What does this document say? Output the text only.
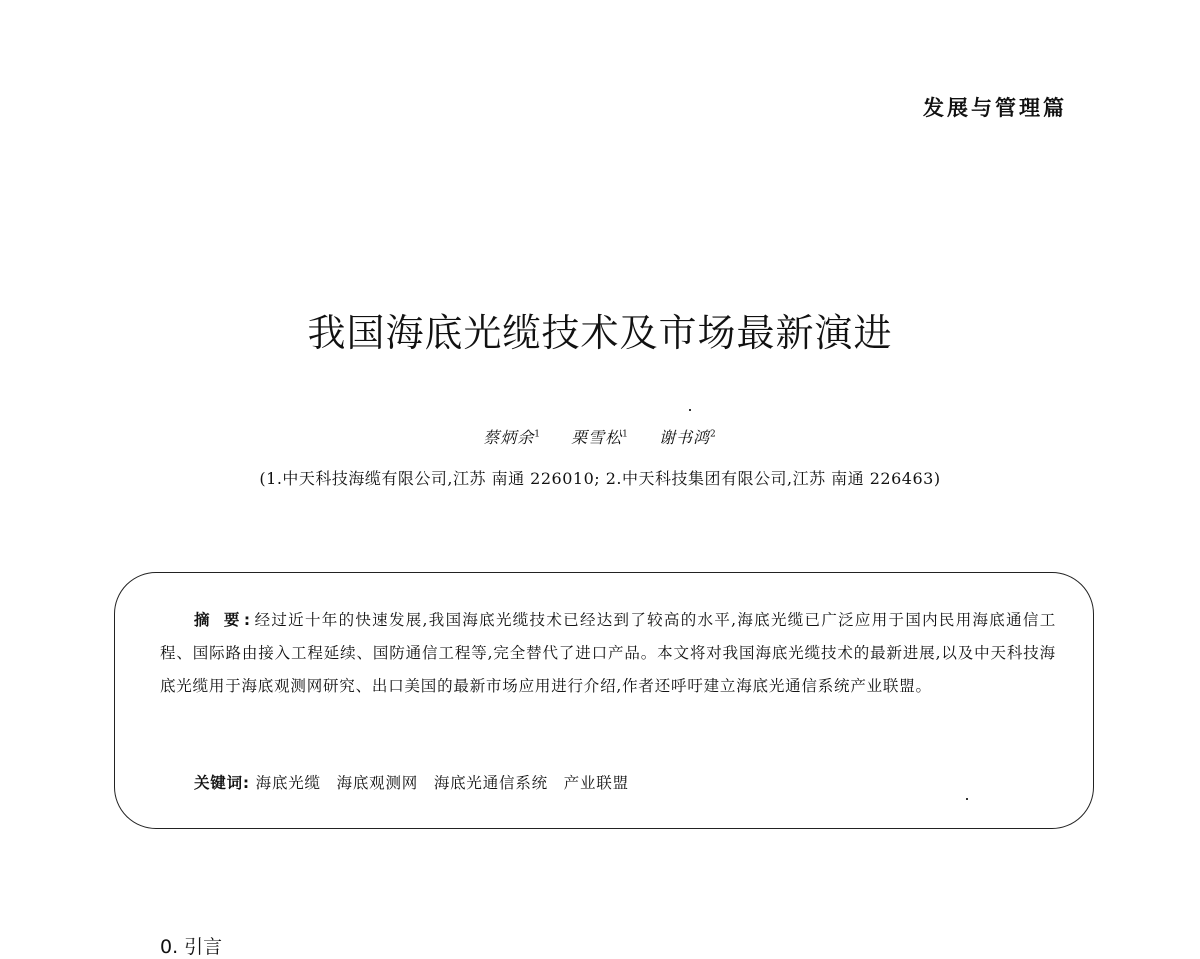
发展与管理篇
我国海底光缆技术及市场最新演进
蔡炳余$^1$ 栗雪松$^1$ 谢书鸿$^2$
(1.中天科技海缆有限公司,江苏 南通 226010; 2.中天科技集团有限公司,江苏 南通 226463)
摘 要:经过近十年的快速发展,我国海底光缆技术已经达到了较高的水平,海底光缆已广泛应用于国内民用海底通信工程、国际路由接入工程延续、国防通信工程等,完全替代了进口产品。本文将对我国海底光缆技术的最新进展,以及中天科技海底光缆用于海底观测网研究、出口美国的最新市场应用进行介绍,作者还呼吁建立海底光通信系统产业联盟。
关键词: 海底光缆 海底观测网 海底光通信系统 产业联盟
0. 引言
